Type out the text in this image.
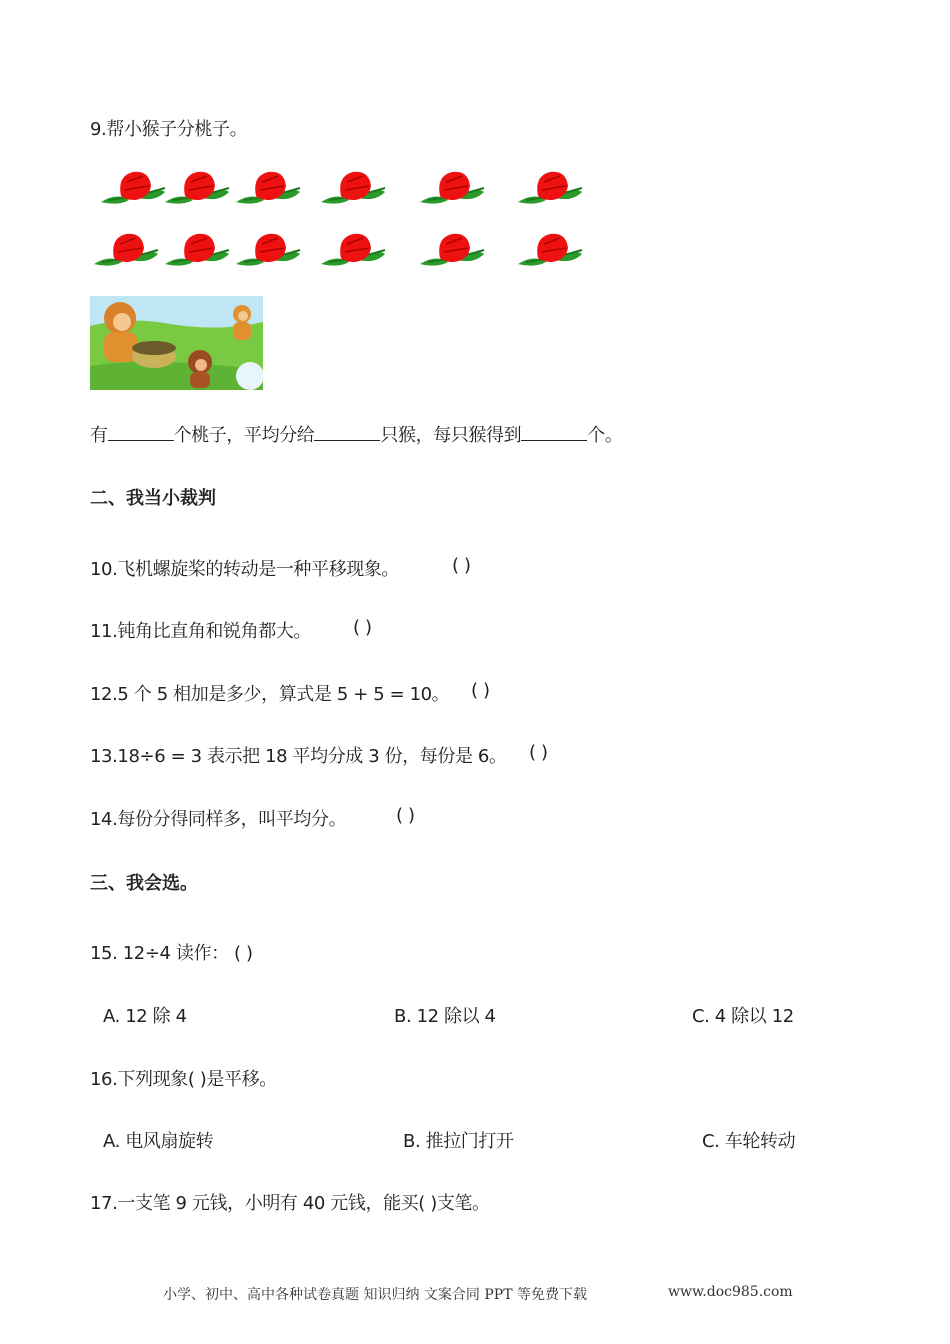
9.帮小猴子分桃子。
有	个桃子，平均分给	只猴，每只猴得到	个。
二、我当小裁判
10.飞机螺旋桨的转动是一种平移现象。	( )
11.钝角比直角和锐角都大。 ( )
12.5 个 5 相加是多少，算式是 5 + 5 = 10。 ( )
13.18÷6 = 3 表示把 18 平均分成 3 份，每份是 6。 ( )
14.每份分得同样多，叫平均分。	( )
三、我会选。
15. 12÷4 读作： ( )
A. 12 除 4	B. 12 除以 4	C. 4 除以 12
16.下列现象( )是平移。
A. 电风扇旋转	B. 推拉门打开	C. 车轮转动
17.一支笔 9 元钱，小明有 40 元钱，能买( )支笔。
小学、初中、高中各种试卷真题 知识归纳 文案合同 PPT 等免费下载	www.doc985.com
